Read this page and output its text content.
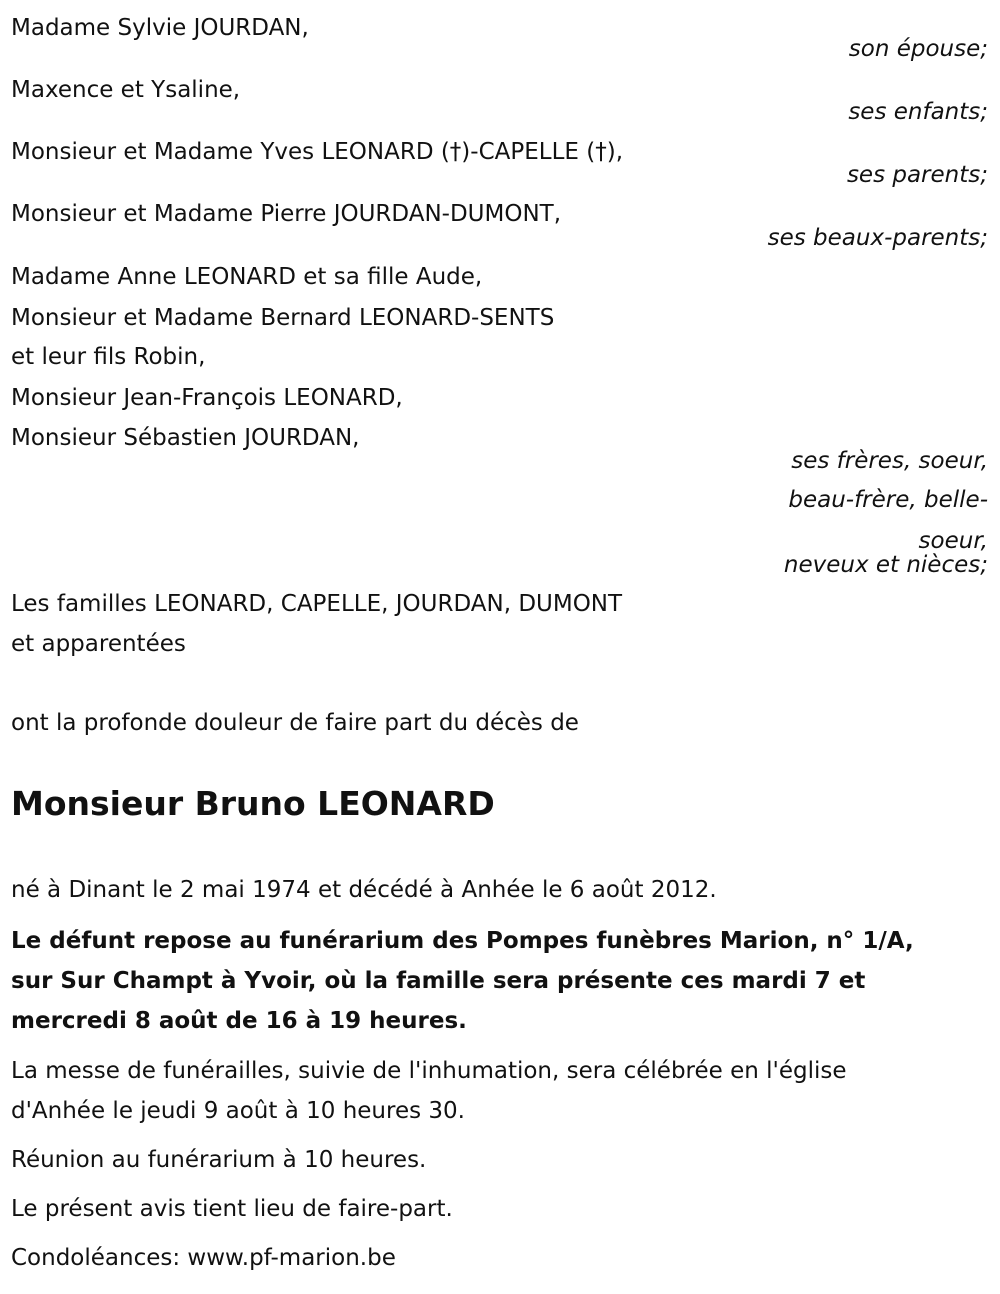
Madame Sylvie JOURDAN,
son épouse;
Maxence et Ysaline,
ses enfants;
Monsieur et Madame Yves LEONARD (†)-CAPELLE (†),
ses parents;
Monsieur et Madame Pierre JOURDAN-DUMONT,
ses beaux-parents;
Madame Anne LEONARD et sa fille Aude,
Monsieur et Madame Bernard LEONARD-SENTS
et leur fils Robin,
Monsieur Jean-François LEONARD,
Monsieur Sébastien JOURDAN,
ses frères, soeur,
beau-frère, belle-
soeur,
neveux et nièces;
Les familles LEONARD, CAPELLE, JOURDAN, DUMONT
et apparentées
ont la profonde douleur de faire part du décès de
Monsieur Bruno LEONARD
né à Dinant le 2 mai 1974 et décédé à Anhée le 6 août 2012.
Le défunt repose au funérarium des Pompes funèbres Marion, n° 1/A,
sur Sur Champt à Yvoir, où la famille sera présente ces mardi 7 et
mercredi 8 août de 16 à 19 heures.
La messe de funérailles, suivie de l'inhumation, sera célébrée en l'église
d'Anhée le jeudi 9 août à 10 heures 30.
Réunion au funérarium à 10 heures.
Le présent avis tient lieu de faire-part.
Condoléances: www.pf-marion.be
